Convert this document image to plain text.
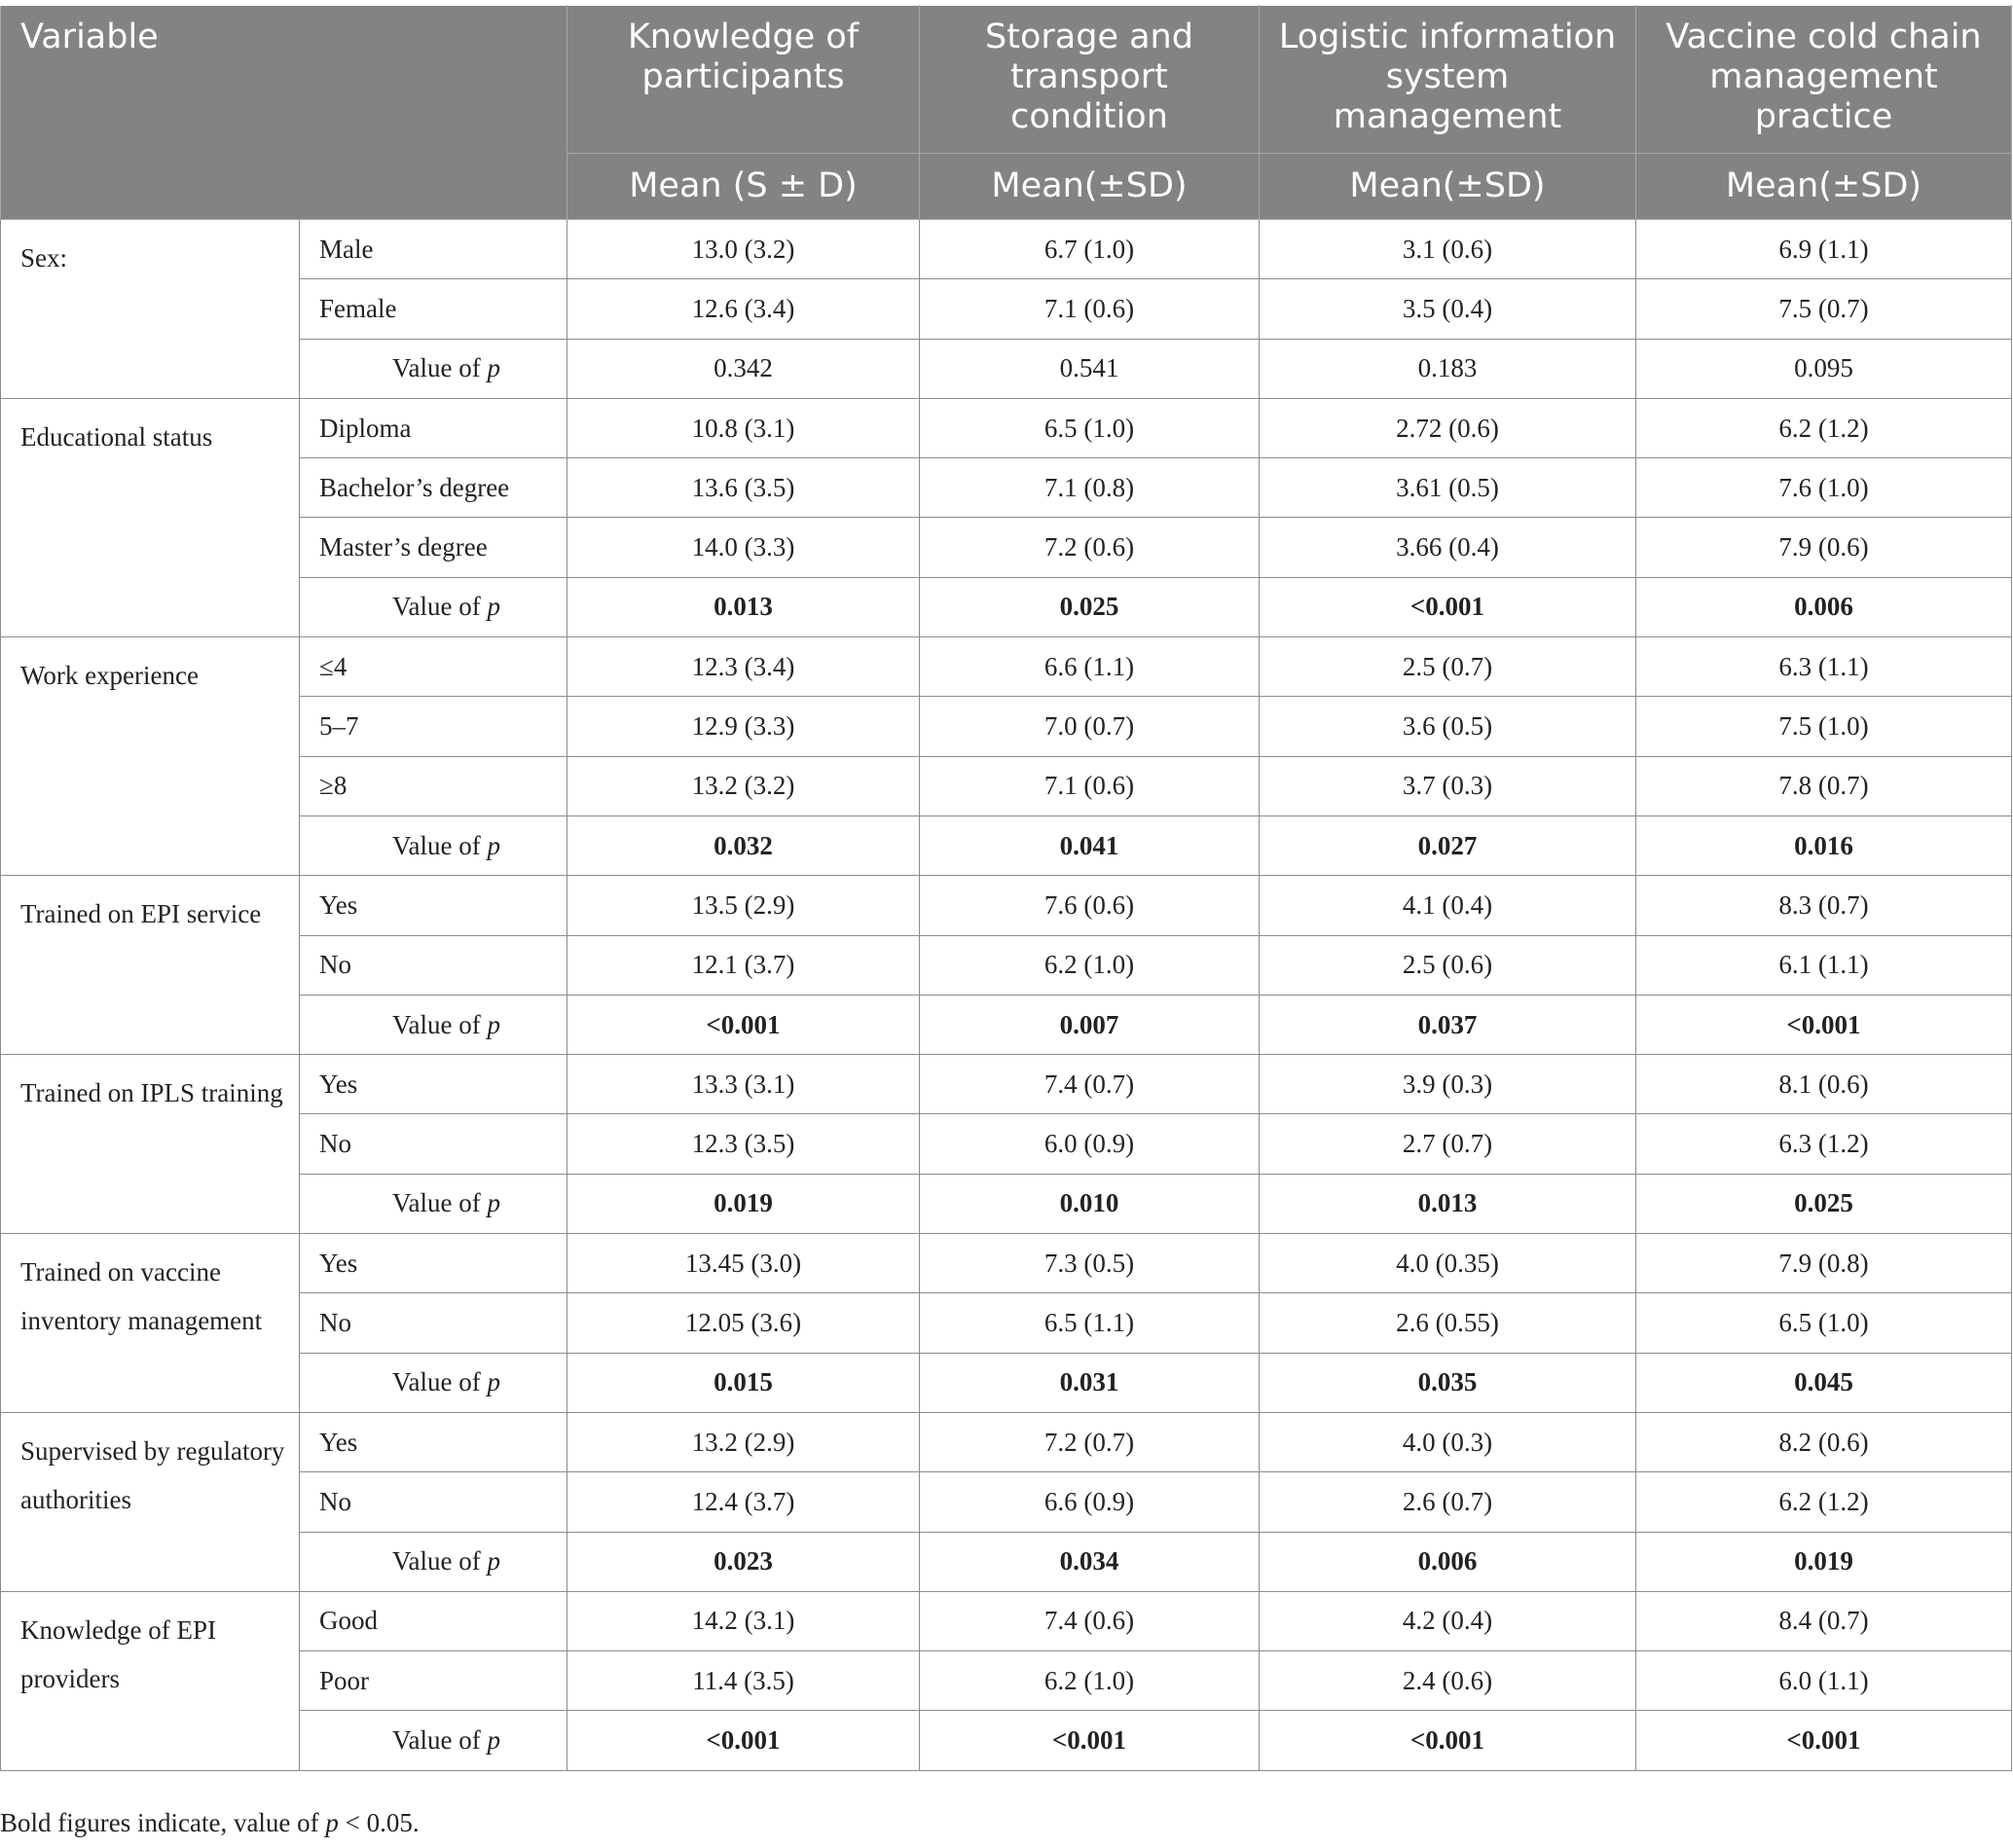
Variable		Knowledge of participants	Storage and transport condition	Logistic information system management	Vaccine cold chain management practice
		Mean (S ± D)	Mean(±SD)	Mean(±SD)	Mean(±SD)
Sex:	Male	13.0 (3.2)	6.7 (1.0)	3.1 (0.6)	6.9 (1.1)
	Female	12.6 (3.4)	7.1 (0.6)	3.5 (0.4)	7.5 (0.7)
	Value of p	0.342	0.541	0.183	0.095
Educational status	Diploma	10.8 (3.1)	6.5 (1.0)	2.72 (0.6)	6.2 (1.2)
	Bachelor’s degree	13.6 (3.5)	7.1 (0.8)	3.61 (0.5)	7.6 (1.0)
	Master’s degree	14.0 (3.3)	7.2 (0.6)	3.66 (0.4)	7.9 (0.6)
	Value of p	0.013	0.025	<0.001	0.006
Work experience	≤4	12.3 (3.4)	6.6 (1.1)	2.5 (0.7)	6.3 (1.1)
	5–7	12.9 (3.3)	7.0 (0.7)	3.6 (0.5)	7.5 (1.0)
	≥8	13.2 (3.2)	7.1 (0.6)	3.7 (0.3)	7.8 (0.7)
	Value of p	0.032	0.041	0.027	0.016
Trained on EPI service	Yes	13.5 (2.9)	7.6 (0.6)	4.1 (0.4)	8.3 (0.7)
	No	12.1 (3.7)	6.2 (1.0)	2.5 (0.6)	6.1 (1.1)
	Value of p	<0.001	0.007	0.037	<0.001
Trained on IPLS training	Yes	13.3 (3.1)	7.4 (0.7)	3.9 (0.3)	8.1 (0.6)
	No	12.3 (3.5)	6.0 (0.9)	2.7 (0.7)	6.3 (1.2)
	Value of p	0.019	0.010	0.013	0.025
Trained on vaccine inventory management	Yes	13.45 (3.0)	7.3 (0.5)	4.0 (0.35)	7.9 (0.8)
	No	12.05 (3.6)	6.5 (1.1)	2.6 (0.55)	6.5 (1.0)
	Value of p	0.015	0.031	0.035	0.045
Supervised by regulatory authorities	Yes	13.2 (2.9)	7.2 (0.7)	4.0 (0.3)	8.2 (0.6)
	No	12.4 (3.7)	6.6 (0.9)	2.6 (0.7)	6.2 (1.2)
	Value of p	0.023	0.034	0.006	0.019
Knowledge of EPI providers	Good	14.2 (3.1)	7.4 (0.6)	4.2 (0.4)	8.4 (0.7)
	Poor	11.4 (3.5)	6.2 (1.0)	2.4 (0.6)	6.0 (1.1)
	Value of p	<0.001	<0.001	<0.001	<0.001
Bold figures indicate, value of p < 0.05.
